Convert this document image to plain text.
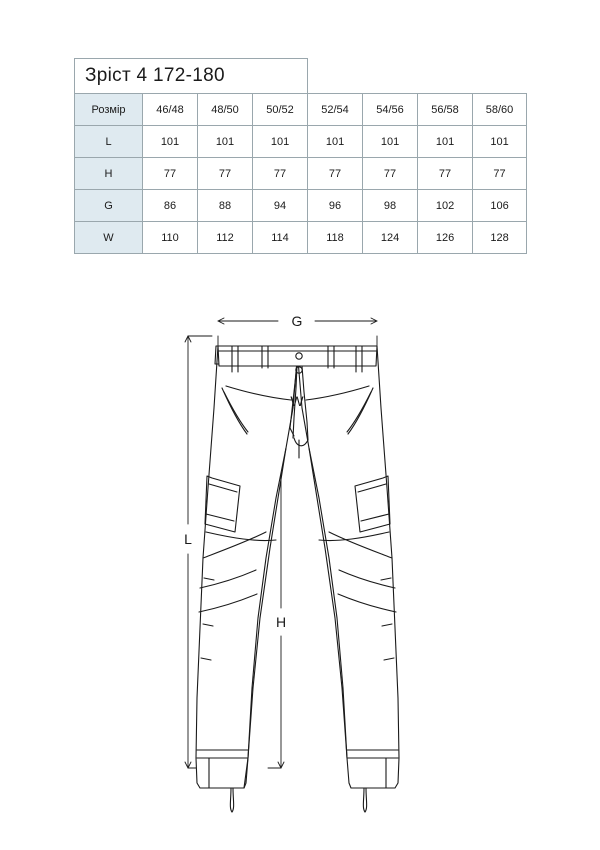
Зріст 4 172-180							
Розмір	46/48	48/50	50/52	52/54	54/56	56/58	58/60
L	101	101	101	101	101	101	101
H	77	77	77	77	77	77	77
G	86	88	94	96	98	102	106
W	110	112	114	118	124	126	128
G
W
L
H
